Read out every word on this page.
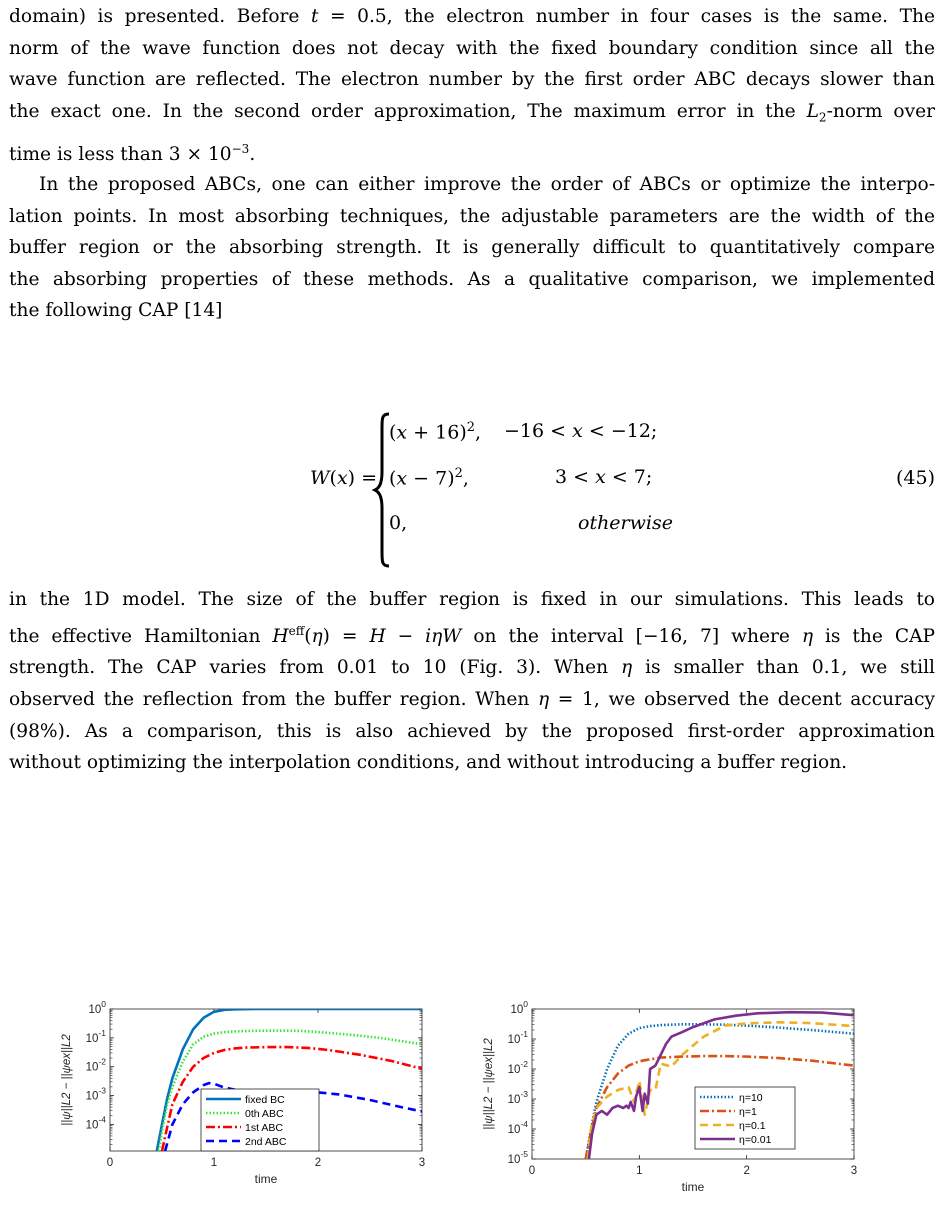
domain) is presented. Before t = 0.5, the electron number in four cases is the same. The
norm of the wave function does not decay with the fixed boundary condition since all the
wave function are reflected. The electron number by the first order ABC decays slower than
the exact one. In the second order approximation, The maximum error in the $L_2$-norm over
time is less than $3 \times 10^{-3}$.
In the proposed ABCs, one can either improve the order of ABCs or optimize the interpo-
lation points. In most absorbing techniques, the adjustable parameters are the width of the
buffer region or the absorbing strength. It is generally difficult to quantitatively compare
the absorbing properties of these methods. As a qualitative comparison, we implemented
the following CAP [14]
W(x) =
$(x + 16)^2$, −16 < x < −12;
$(x - 7)^2$,	3 < x < 7;
0,	otherwise
(45)
in the 1D model. The size of the buffer region is fixed in our simulations. This leads to
the effective Hamiltonian $H^{eff}(\eta) = H - i\eta W$ on the interval [−16, 7] where η is the CAP
strength. The CAP varies from 0.01 to 10 (Fig. 3). When η is smaller than 0.1, we still
observed the reflection from the buffer region. When η = 1, we observed the decent accuracy
(98%). As a comparison, this is also achieved by the proposed first-order approximation
without optimizing the interpolation conditions, and without introducing a buffer region.
0	1	2	3
$10^{-4}$
$10^{-3}$
$10^{-2}$
$10^{-1}$
$10^0$
time
||ψ||L2 − ||ψex||L2	fixed BC
0th ABC
1st ABC
2nd ABC
0	1	2	3
$10^{-5}$
$10^{-4}$
$10^{-3}$
$10^{-2}$
$10^{-1}$
$10^0$
time
||ψ||L2 − ||ψex||L2	η=10
η=1
η=0.1
η=0.01
